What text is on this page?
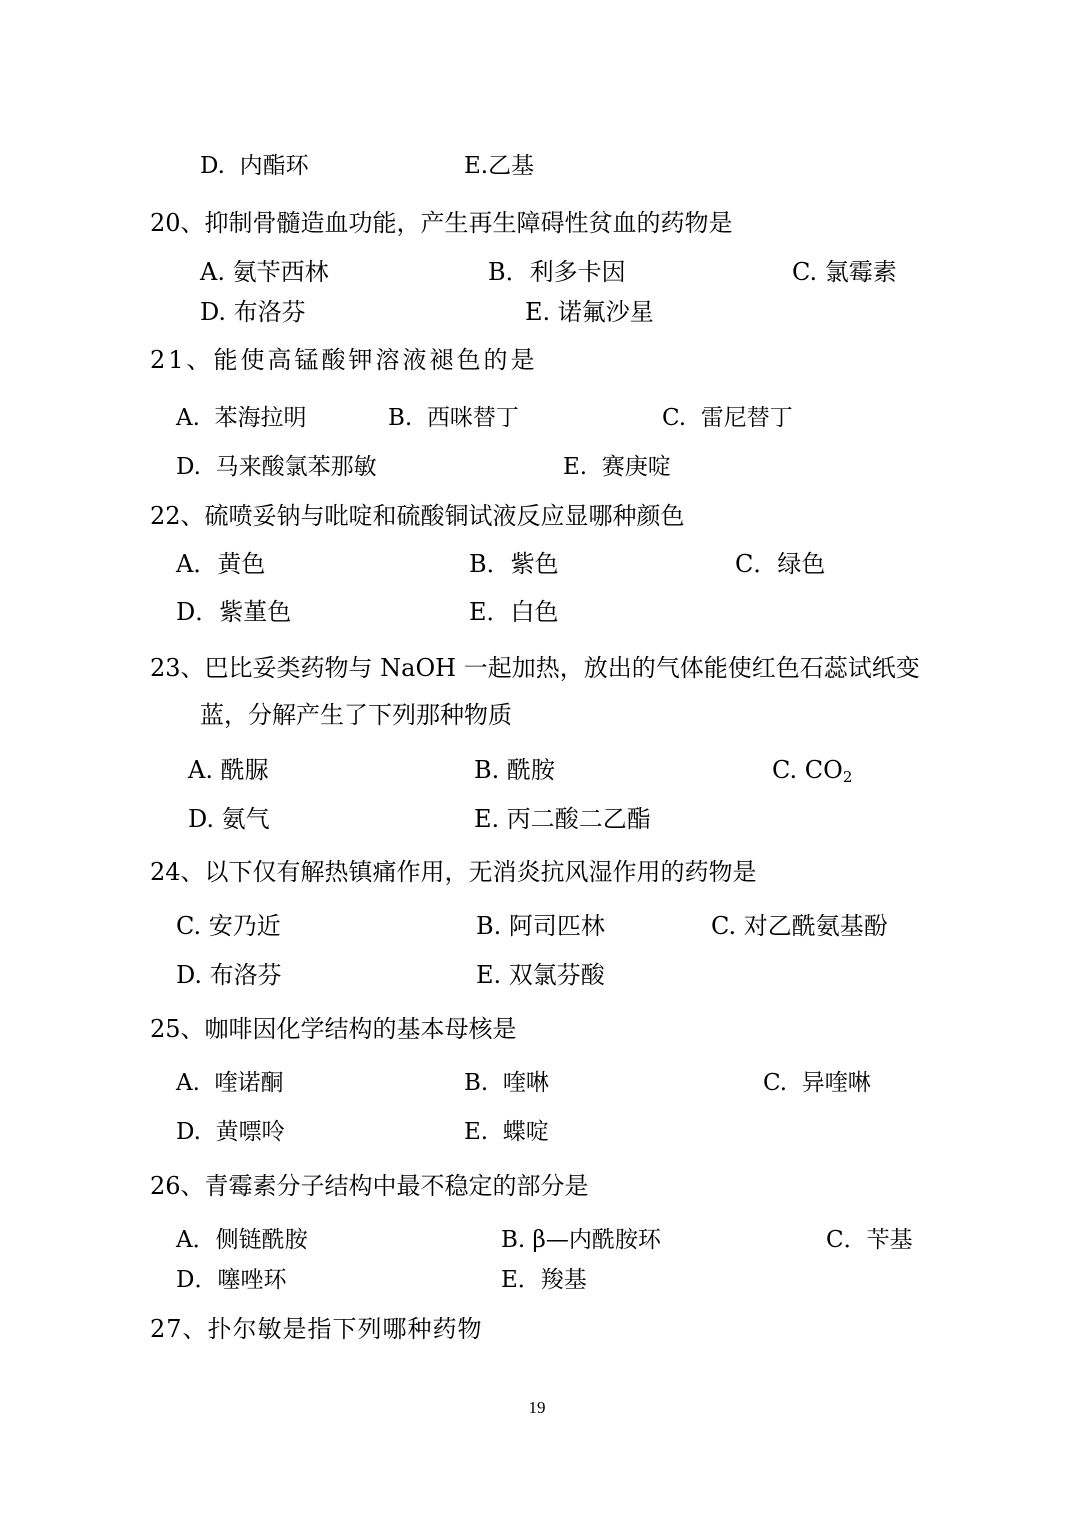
D. 内酯环	E.乙基
20、抑制骨髓造血功能，产生再生障碍性贫血的药物是
A. 氨苄西林	B．利多卡因	C. 氯霉素
D. 布洛芬	E. 诺氟沙星
21、能使高锰酸钾溶液褪色的是
A. 苯海拉明	B. 西咪替丁	C. 雷尼替丁
D. 马来酸氯苯那敏	E. 赛庚啶
22、硫喷妥钠与吡啶和硫酸铜试液反应显哪种颜色
A．黄色	B．紫色	C．绿色
D．紫堇色	E．白色
23、巴比妥类药物与 NaOH 一起加热，放出的气体能使红色石蕊试纸变
蓝，分解产生了下列那种物质
A. 酰脲	B. 酰胺	C. $CO_2$
D. 氨气	E. 丙二酸二乙酯
24、以下仅有解热镇痛作用，无消炎抗风湿作用的药物是
C. 安乃近	B. 阿司匹林	C. 对乙酰氨基酚
D. 布洛芬	E. 双氯芬酸
25、咖啡因化学结构的基本母核是
A. 喹诺酮	B. 喹啉	C. 异喹啉
D. 黄嘌呤	E. 蝶啶
26、青霉素分子结构中最不稳定的部分是
A．侧链酰胺	B. β—内酰胺环	C．苄基
D．噻唑环	E．羧基
27、扑尔敏是指下列哪种药物
19
